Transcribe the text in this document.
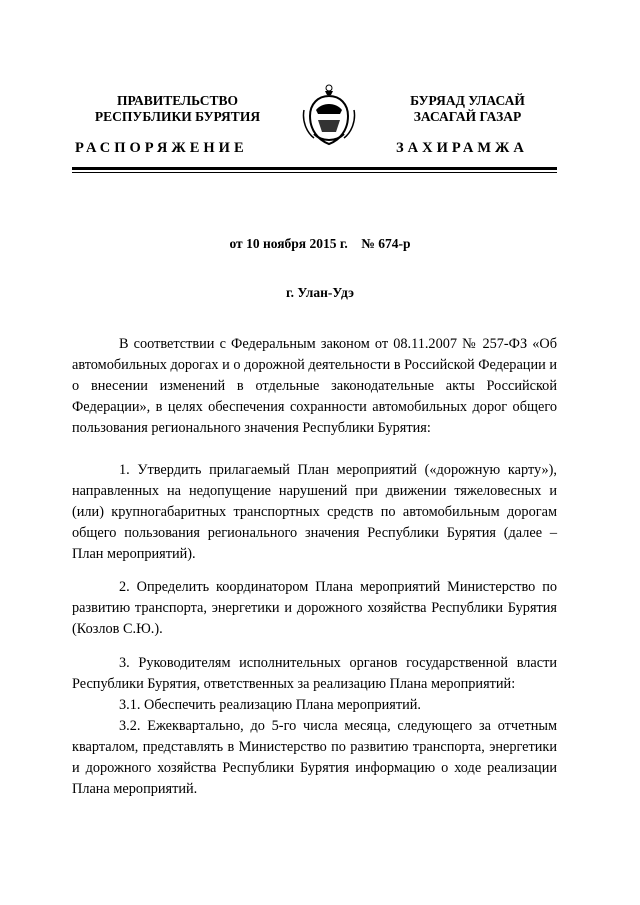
ПРАВИТЕЛЬСТВО
РЕСПУБЛИКИ БУРЯТИЯ
БУРЯАД УЛАСАЙ
ЗАСАГАЙ ГАЗАР
РАСПОРЯЖЕНИЕ	ЗАХИРАМЖА
от 10 ноября 2015 г.    № 674-р
г. Улан-Удэ
В соответствии с Федеральным законом от 08.11.2007 № 257-ФЗ «Об автомобильных дорогах и о дорожной деятельности в Российской Федерации и о внесении изменений в отдельные законодательные акты Российской Федерации», в целях обеспечения сохранности автомобильных дорог общего пользования регионального значения Республики Бурятия:
1. Утвердить прилагаемый План мероприятий («дорожную карту»), направленных на недопущение нарушений при движении тяжеловесных и (или) крупногабаритных транспортных средств по автомобильным дорогам общего пользования регионального значения Республики Бурятия (далее – План мероприятий).
2. Определить координатором Плана мероприятий Министерство по развитию транспорта, энергетики и дорожного хозяйства Республики Бурятия (Козлов С.Ю.).
3. Руководителям исполнительных органов государственной власти Республики Бурятия, ответственных за реализацию Плана мероприятий:
3.1. Обеспечить реализацию Плана мероприятий.
3.2. Ежеквартально, до 5-го числа месяца, следующего за отчетным кварталом, представлять в Министерство по развитию транспорта, энергетики и дорожного хозяйства Республики Бурятия информацию о ходе реализации Плана мероприятий.
